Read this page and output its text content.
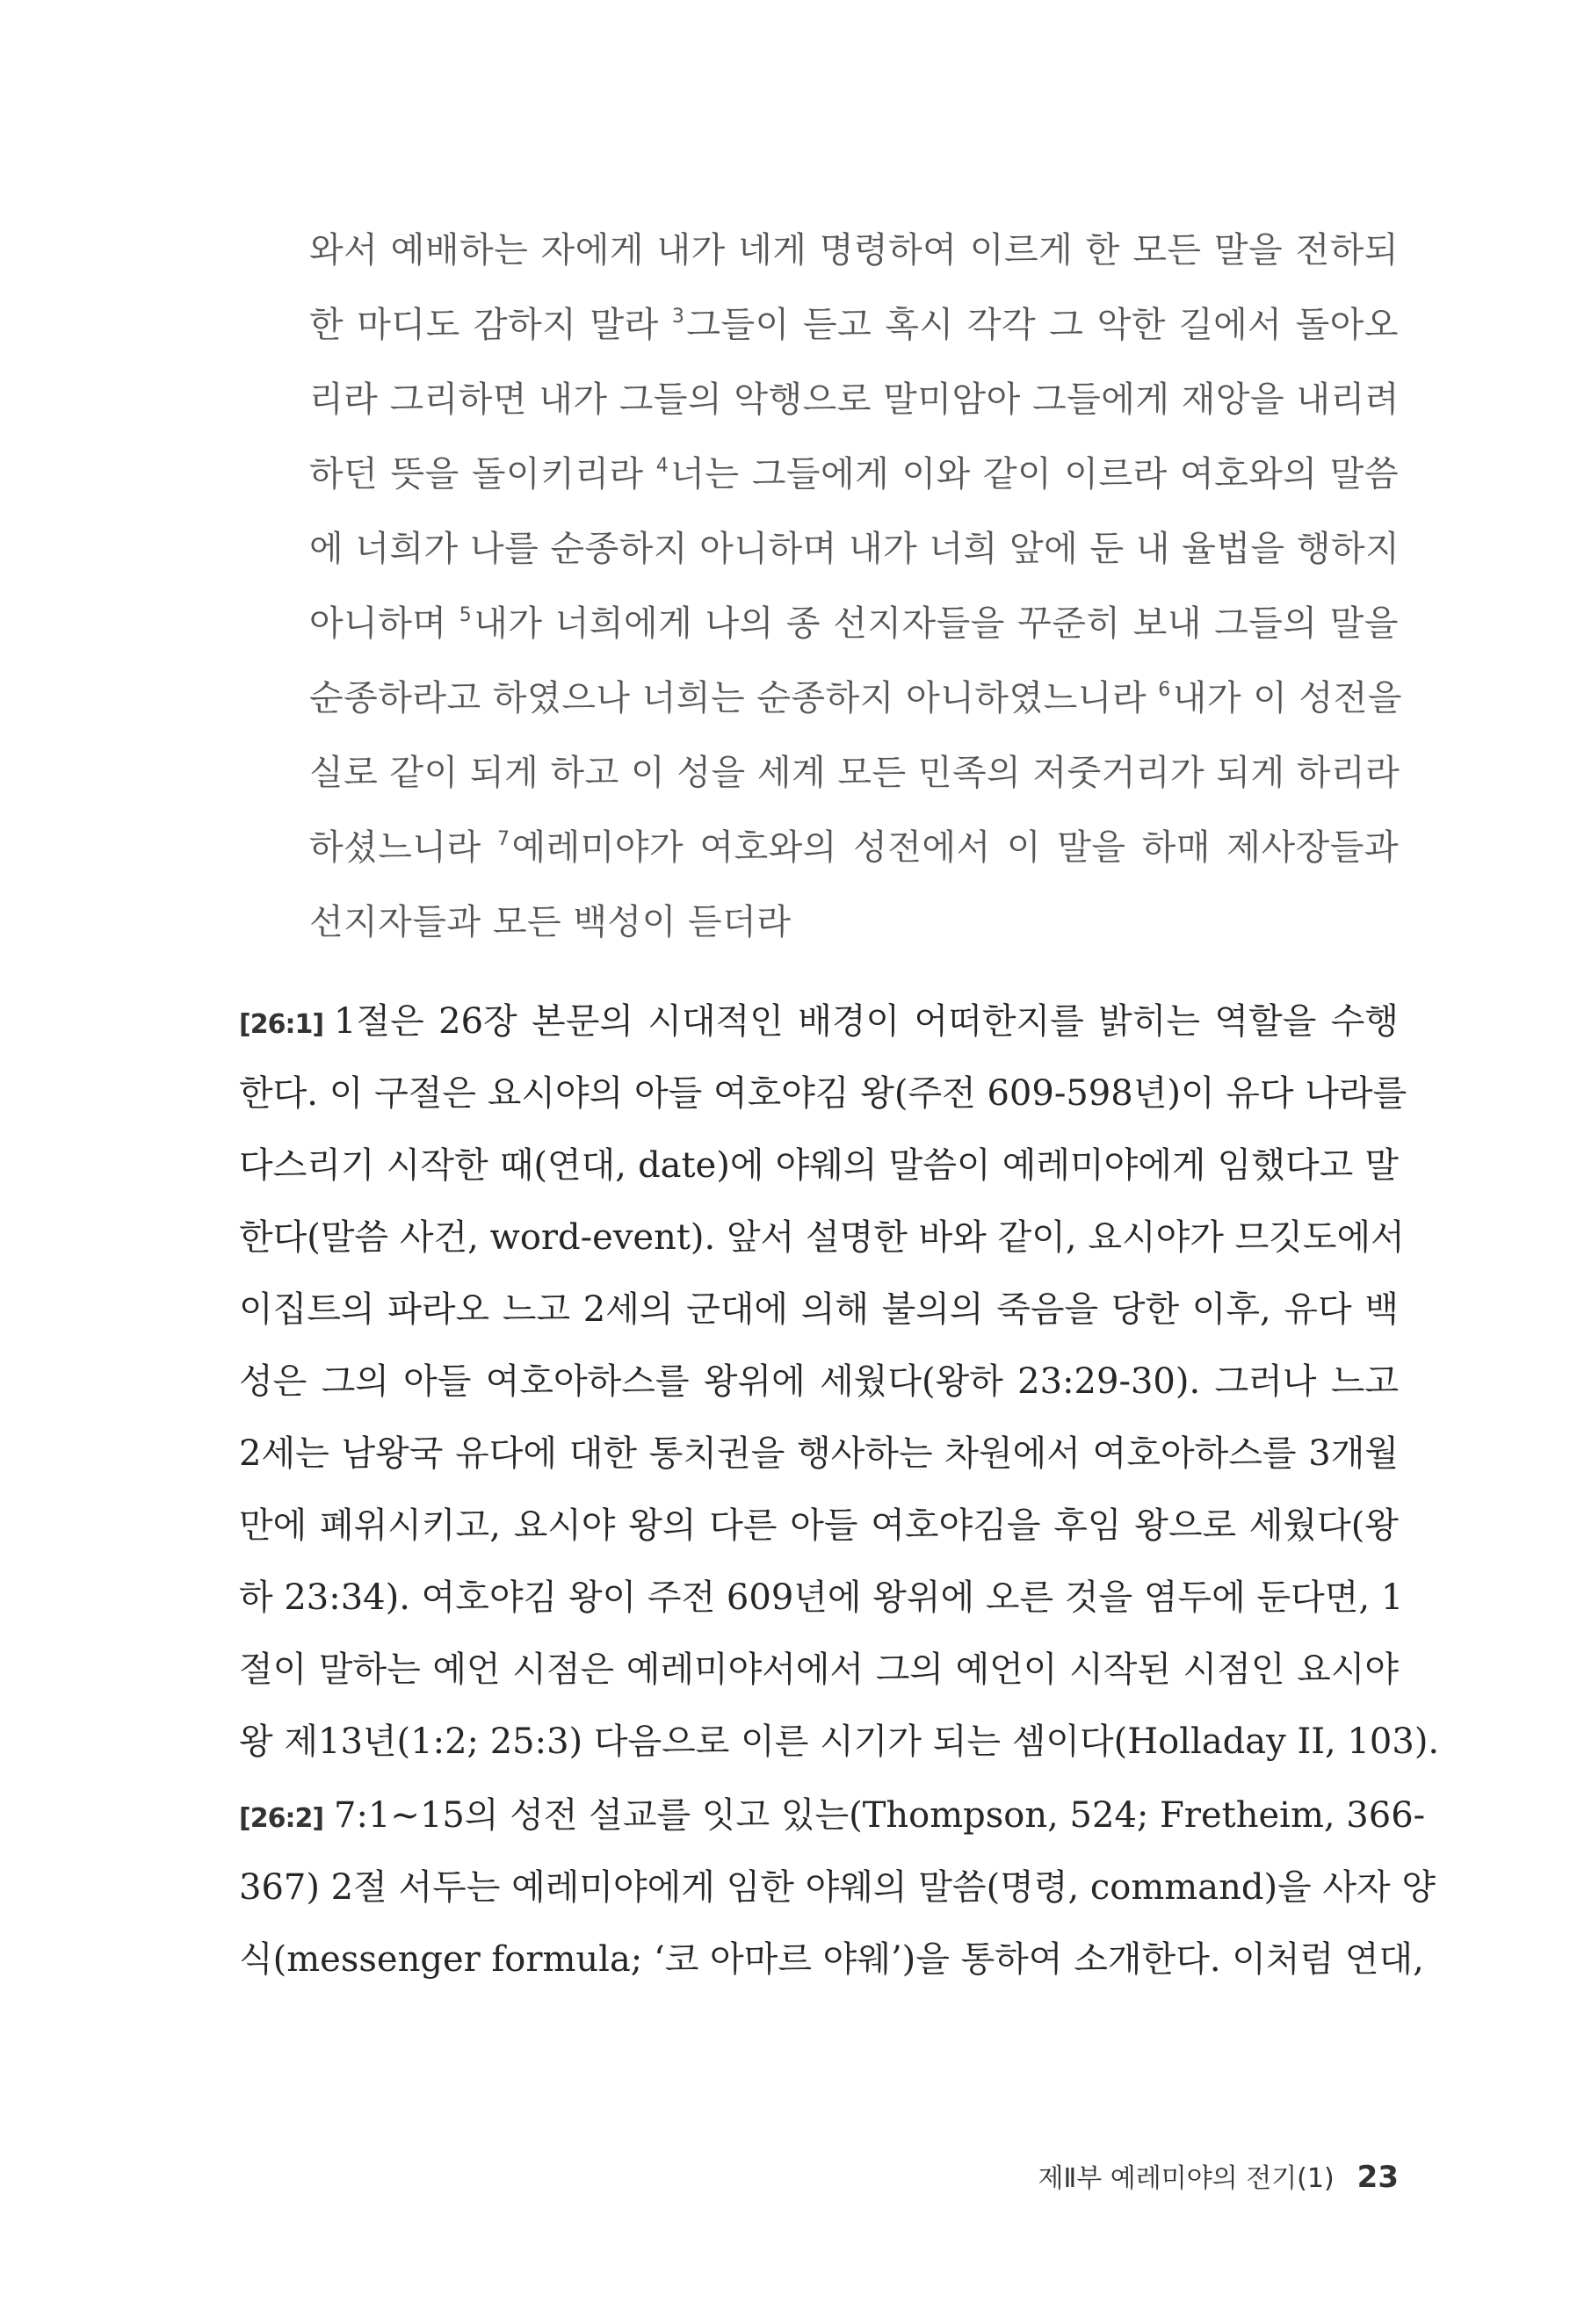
와서 예배하는 자에게 내가 네게 명령하여 이르게 한 모든 말을 전하되
한 마디도 감하지 말라 $^3$그들이 듣고 혹시 각각 그 악한 길에서 돌아오
리라 그리하면 내가 그들의 악행으로 말미암아 그들에게 재앙을 내리려
하던 뜻을 돌이키리라 $^4$너는 그들에게 이와 같이 이르라 여호와의 말씀
에 너희가 나를 순종하지 아니하며 내가 너희 앞에 둔 내 율법을 행하지
아니하며 $^5$내가 너희에게 나의 종 선지자들을 꾸준히 보내 그들의 말을
순종하라고 하였으나 너희는 순종하지 아니하였느니라 $^6$내가 이 성전을
실로 같이 되게 하고 이 성을 세계 모든 민족의 저줏거리가 되게 하리라
하셨느니라 $^7$예레미야가 여호와의 성전에서 이 말을 하매 제사장들과
선지자들과 모든 백성이 듣더라
[26:1] 1절은 26장 본문의 시대적인 배경이 어떠한지를 밝히는 역할을 수행
한다. 이 구절은 요시야의 아들 여호야김 왕(주전 609-598년)이 유다 나라를
다스리기 시작한 때(연대, date)에 야웨의 말씀이 예레미야에게 임했다고 말
한다(말씀 사건, word-event). 앞서 설명한 바와 같이, 요시야가 므깃도에서
이집트의 파라오 느고 2세의 군대에 의해 불의의 죽음을 당한 이후, 유다 백
성은 그의 아들 여호아하스를 왕위에 세웠다(왕하 23:29-30). 그러나 느고
2세는 남왕국 유다에 대한 통치권을 행사하는 차원에서 여호아하스를 3개월
만에 폐위시키고, 요시야 왕의 다른 아들 여호야김을 후임 왕으로 세웠다(왕
하 23:34). 여호야김 왕이 주전 609년에 왕위에 오른 것을 염두에 둔다면, 1
절이 말하는 예언 시점은 예레미야서에서 그의 예언이 시작된 시점인 요시야
왕 제13년(1:2; 25:3) 다음으로 이른 시기가 되는 셈이다(Holladay II, 103).
[26:2] 7:1~15의 성전 설교를 잇고 있는(Thompson, 524; Fretheim, 366-
367) 2절 서두는 예레미야에게 임한 야웨의 말씀(명령, command)을 사자 양
식(messenger formula; ‘코 아마르 야웨’)을 통하여 소개한다. 이처럼 연대,
제Ⅱ부 예레미야의 전기(1) 23
